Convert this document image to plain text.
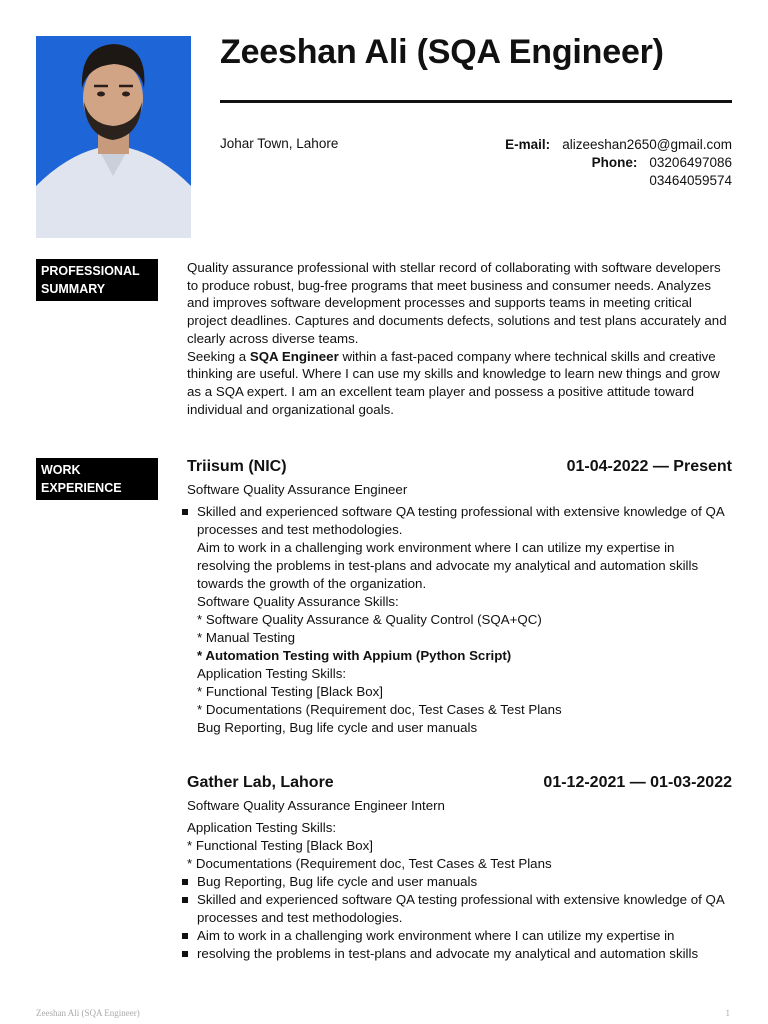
Zeeshan Ali (SQA Engineer)
Johar Town, Lahore	E-mail: alizeeshan2650@gmail.com
Phone: 03206497086
03464059574
PROFESSIONAL
SUMMARY
Quality assurance professional with stellar record of collaborating with software developers to produce robust, bug-free programs that meet business and consumer needs. Analyzes and improves software development processes and supports teams in meeting critical project deadlines. Captures and documents defects, solutions and test plans accurately and clearly across diverse teams.
Seeking a SQA Engineer within a fast-paced company where technical skills and creative thinking are useful. Where I can use my skills and knowledge to learn new things and grow as a SQA expert. I am an excellent team player and possess a positive attitude toward individual and organizational goals.
WORK
EXPERIENCE
Triisum (NIC)	01-04-2022 — Present
Software Quality Assurance Engineer
Skilled and experienced software QA testing professional with extensive knowledge of QA
processes and test methodologies.
Aim to work in a challenging work environment where I can utilize my expertise in
resolving the problems in test-plans and advocate my analytical and automation skills
towards the growth of the organization.
Software Quality Assurance Skills:
* Software Quality Assurance & Quality Control (SQA+QC)
* Manual Testing
* Automation Testing with Appium (Python Script)
Application Testing Skills:
* Functional Testing [Black Box]
* Documentations (Requirement doc, Test Cases & Test Plans
Bug Reporting, Bug life cycle and user manuals
Gather Lab, Lahore	01-12-2021 — 01-03-2022
Software Quality Assurance Engineer Intern
Application Testing Skills:
* Functional Testing [Black Box]
* Documentations (Requirement doc, Test Cases & Test Plans
Bug Reporting, Bug life cycle and user manuals
Skilled and experienced software QA testing professional with extensive knowledge of QA processes and test methodologies.
Aim to work in a challenging work environment where I can utilize my expertise in
resolving the problems in test-plans and advocate my analytical and automation skills
Zeeshan Ali (SQA Engineer)	1
